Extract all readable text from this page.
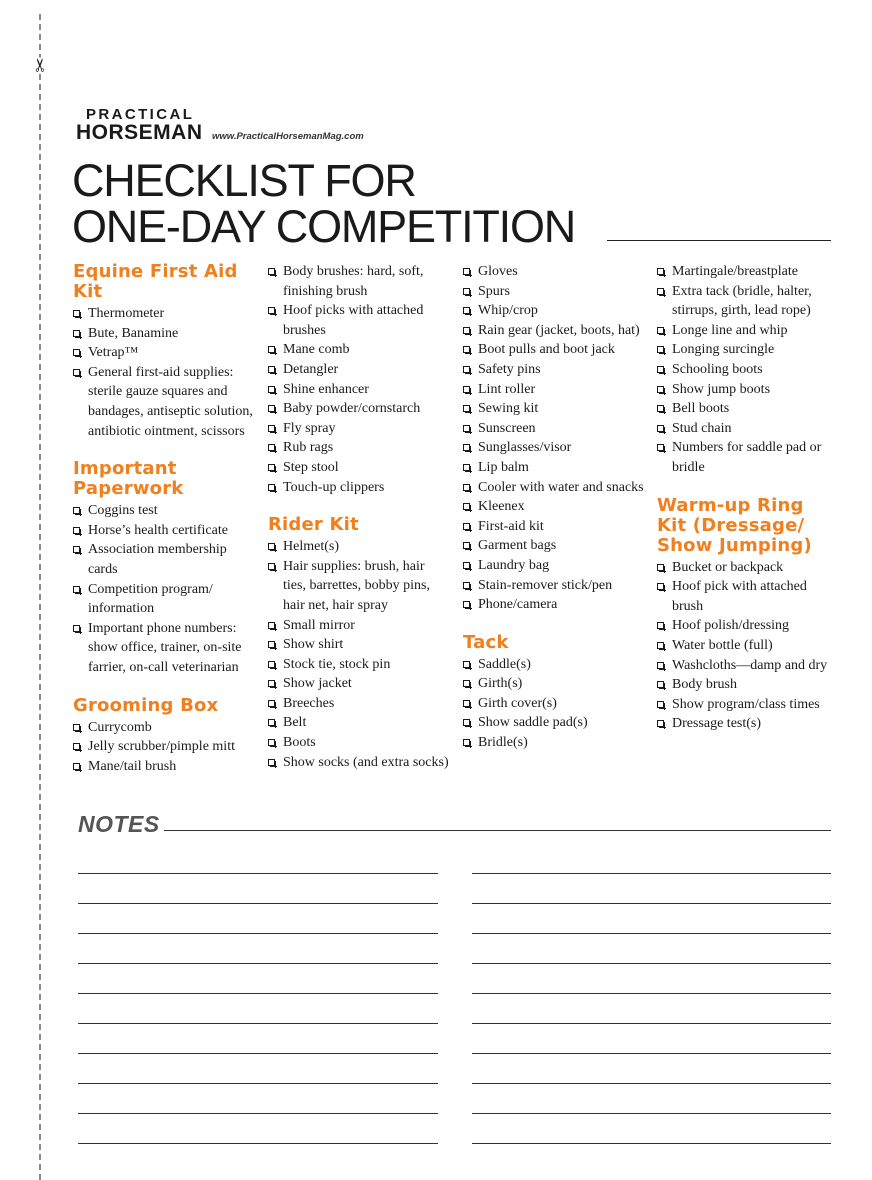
✂
PRACTICAL
HORSEMAN www.PracticalHorsemanMag.com
CHECKLIST FOR
ONE-DAY COMPETITION
Equine First Aid Kit
Thermometer
Bute, Banamine
Vetrap™
General first-aid supplies: sterile gauze squares and bandages, antiseptic solution, antibiotic ointment, scissors
Important Paperwork
Coggins test
Horse’s health certificate
Association membership cards
Competition program/ information
Important phone numbers: show office, trainer, on-site farrier, on-call veterinarian
Grooming Box
Currycomb
Jelly scrubber/pimple mitt
Mane/tail brush
Body brushes: hard, soft, finishing brush
Hoof picks with attached brushes
Mane comb
Detangler
Shine enhancer
Baby powder/cornstarch
Fly spray
Rub rags
Step stool
Touch-up clippers
Rider Kit
Helmet(s)
Hair supplies: brush, hair ties, barrettes, bobby pins, hair net, hair spray
Small mirror
Show shirt
Stock tie, stock pin
Show jacket
Breeches
Belt
Boots
Show socks (and extra socks)
Gloves
Spurs
Whip/crop
Rain gear (jacket, boots, hat)
Boot pulls and boot jack
Safety pins
Lint roller
Sewing kit
Sunscreen
Sunglasses/visor
Lip balm
Cooler with water and snacks
Kleenex
First-aid kit
Garment bags
Laundry bag
Stain-remover stick/pen
Phone/camera
Tack
Saddle(s)
Girth(s)
Girth cover(s)
Show saddle pad(s)
Bridle(s)
Martingale/breastplate
Extra tack (bridle, halter, stirrups, girth, lead rope)
Longe line and whip
Longing surcingle
Schooling boots
Show jump boots
Bell boots
Stud chain
Numbers for saddle pad or bridle
Warm-up Ring Kit (Dressage/ Show Jumping)
Bucket or backpack
Hoof pick with attached brush
Hoof polish/dressing
Water bottle (full)
Washcloths—damp and dry
Body brush
Show program/class times
Dressage test(s)
NOTES
